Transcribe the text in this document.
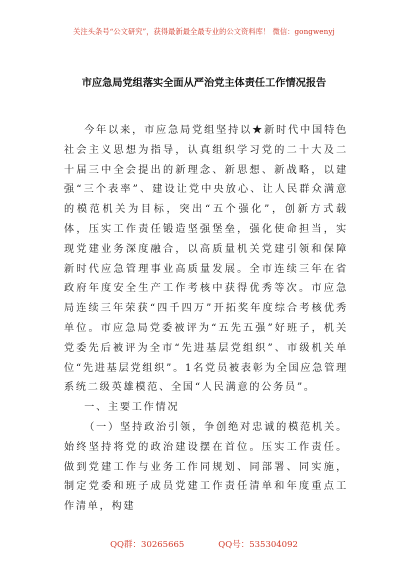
关注头条号“公文研究”，获得最新最全最专业的公文资料库！ 微信：gongwenyj
市应急局党组落实全面从严治党主体责任工作情况报告

今年以来，市应急局党组坚持以★新时代中国特色社会主义思想为指导，认真组织学习党的二十大及二十届三中全会提出的新理念、新思想、新战略，以建强“三个表率”、建设让党中央放心、让人民群众满意的模范机关为目标，突出“五个强化”，创新方式载体，压实工作责任锻造坚强堡垒，强化使命担当，实现党建业务深度融合，以高质量机关党建引领和保障新时代应急管理事业高质量发展。全市连续三年在省政府年度安全生产工作考核中获得优秀等次。市应急局连续三年荣获“四千四万”开拓奖年度综合考核优秀单位。市应急局党委被评为“五先五强”好班子，机关党委先后被评为全市“先进基层党组织”、市级机关单位“先进基层党组织”。1名党员被表彰为全国应急管理系统二级英雄模范、全国“人民满意的公务员”。

一、主要工作情况

（一）坚持政治引领，争创绝对忠诚的模范机关。始终坚持将党的政治建设摆在首位。压实工作责任。做到党建工作与业务工作同规划、同部署、同实施，制定党委和班子成员党建工作责任清单和年度重点工作清单，构建

QQ群：30265665	QQ号：535304092
